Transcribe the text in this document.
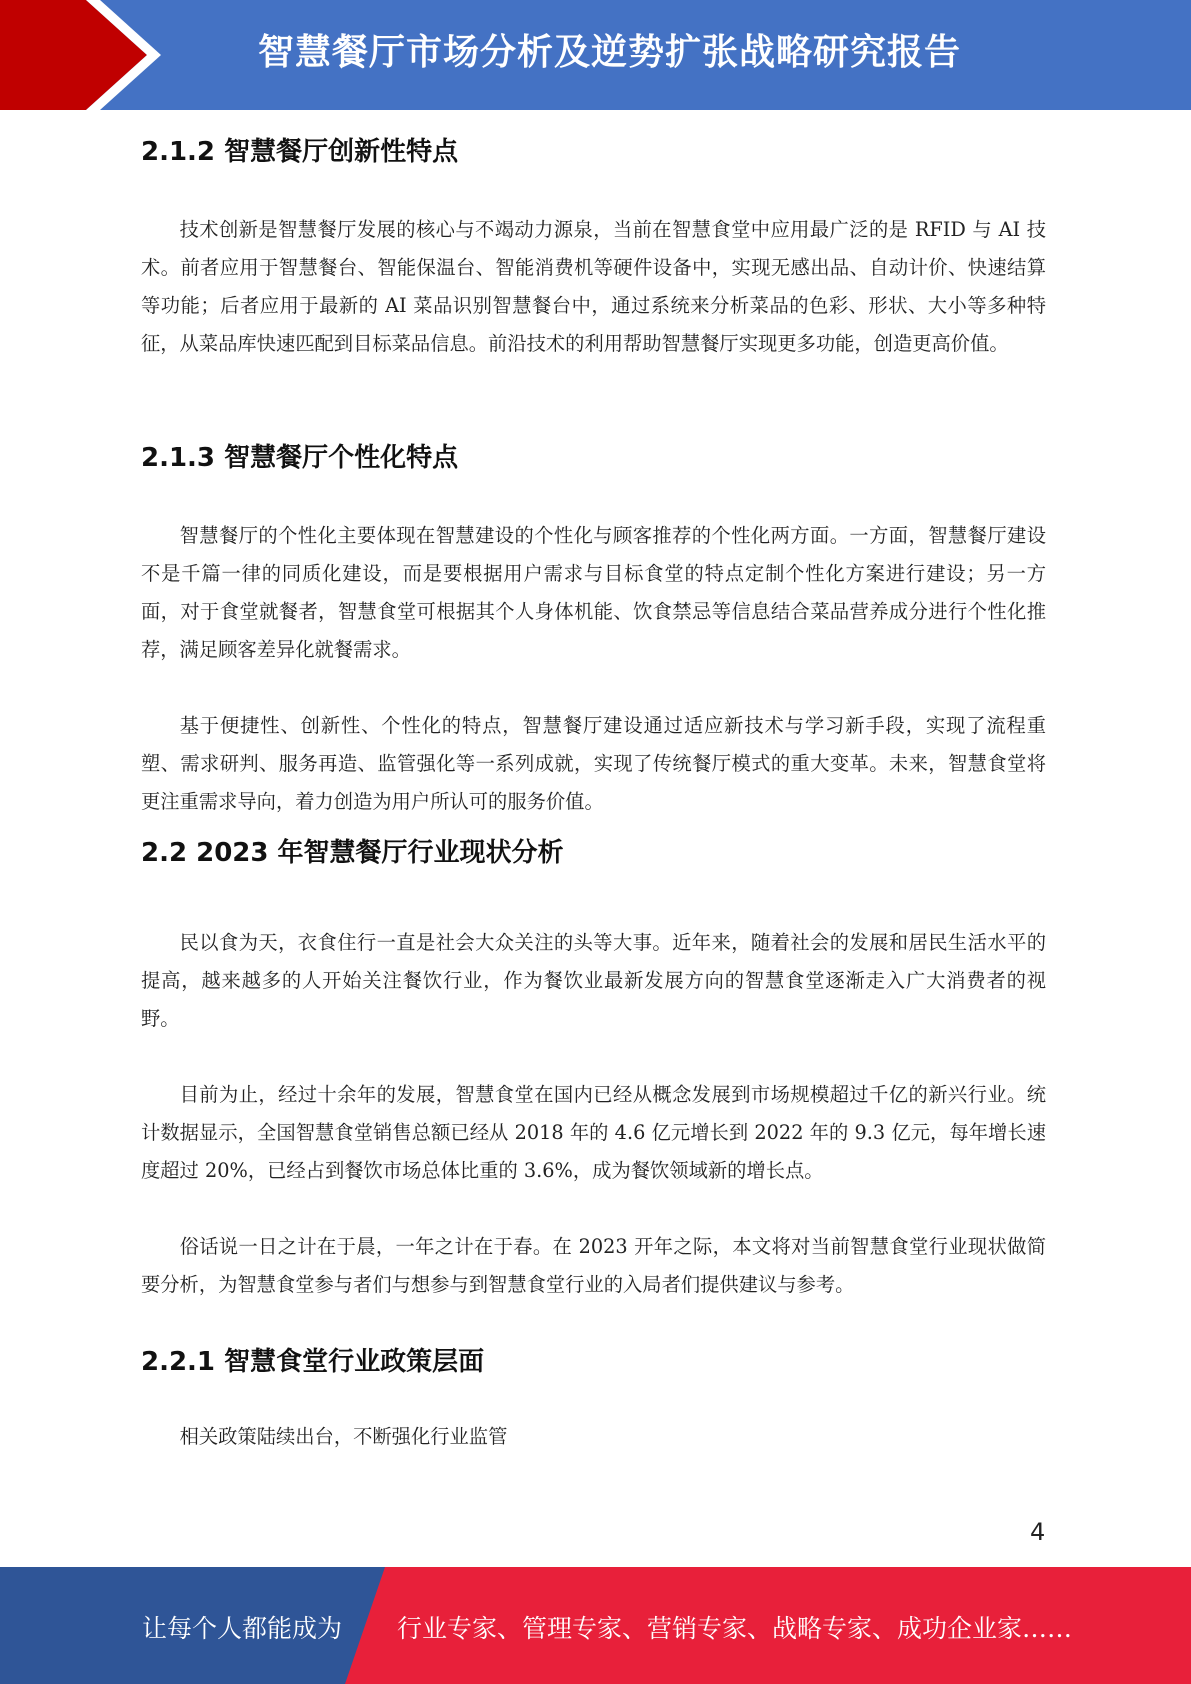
智慧餐厅市场分析及逆势扩张战略研究报告
2.1.2 智慧餐厅创新性特点
技术创新是智慧餐厅发展的核心与不竭动力源泉，当前在智慧食堂中应用最广泛的是 RFID 与 AI 技术。前者应用于智慧餐台、智能保温台、智能消费机等硬件设备中，实现无感出品、自动计价、快速结算等功能；后者应用于最新的 AI 菜品识别智慧餐台中，通过系统来分析菜品的色彩、形状、大小等多种特征，从菜品库快速匹配到目标菜品信息。前沿技术的利用帮助智慧餐厅实现更多功能，创造更高价值。
2.1.3 智慧餐厅个性化特点
智慧餐厅的个性化主要体现在智慧建设的个性化与顾客推荐的个性化两方面。一方面，智慧餐厅建设不是千篇一律的同质化建设，而是要根据用户需求与目标食堂的特点定制个性化方案进行建设；另一方面，对于食堂就餐者，智慧食堂可根据其个人身体机能、饮食禁忌等信息结合菜品营养成分进行个性化推荐，满足顾客差异化就餐需求。
基于便捷性、创新性、个性化的特点，智慧餐厅建设通过适应新技术与学习新手段，实现了流程重塑、需求研判、服务再造、监管强化等一系列成就，实现了传统餐厅模式的重大变革。未来，智慧食堂将更注重需求导向，着力创造为用户所认可的服务价值。
2.2 2023 年智慧餐厅行业现状分析
民以食为天，衣食住行一直是社会大众关注的头等大事。近年来，随着社会的发展和居民生活水平的提高，越来越多的人开始关注餐饮行业，作为餐饮业最新发展方向的智慧食堂逐渐走入广大消费者的视野。
目前为止，经过十余年的发展，智慧食堂在国内已经从概念发展到市场规模超过千亿的新兴行业。统计数据显示，全国智慧食堂销售总额已经从 2018 年的 4.6 亿元增长到 2022 年的 9.3 亿元，每年增长速度超过 20%，已经占到餐饮市场总体比重的 3.6%，成为餐饮领域新的增长点。
俗话说一日之计在于晨，一年之计在于春。在 2023 开年之际，本文将对当前智慧食堂行业现状做简要分析，为智慧食堂参与者们与想参与到智慧食堂行业的入局者们提供建议与参考。
2.2.1 智慧食堂行业政策层面
相关政策陆续出台，不断强化行业监管
4
让每个人都能成为 行业专家、管理专家、营销专家、战略专家、成功企业家……
